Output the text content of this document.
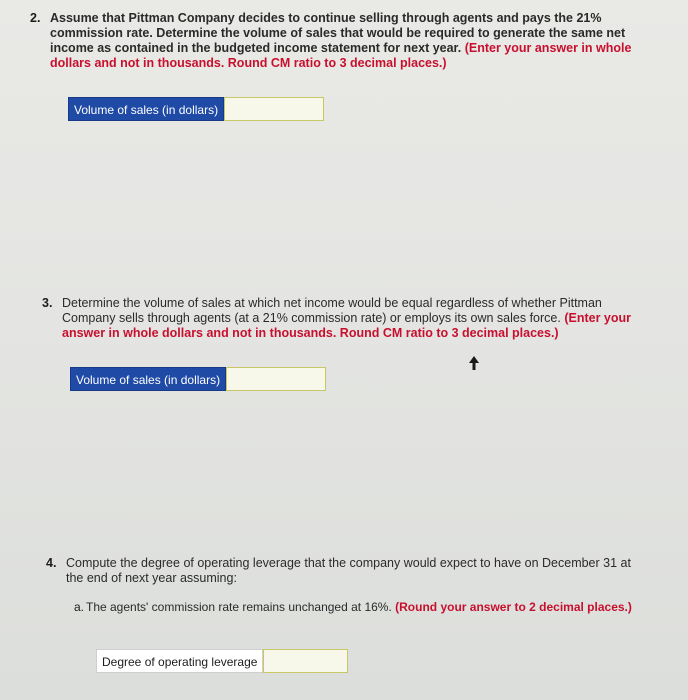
2. Assume that Pittman Company decides to continue selling through agents and pays the 21% commission rate. Determine the volume of sales that would be required to generate the same net income as contained in the budgeted income statement for next year. (Enter your answer in whole dollars and not in thousands. Round CM ratio to 3 decimal places.)
Volume of sales (in dollars)
3. Determine the volume of sales at which net income would be equal regardless of whether Pittman Company sells through agents (at a 21% commission rate) or employs its own sales force. (Enter your answer in whole dollars and not in thousands. Round CM ratio to 3 decimal places.)
Volume of sales (in dollars)
4. Compute the degree of operating leverage that the company would expect to have on December 31 at the end of next year assuming:
a. The agents' commission rate remains unchanged at 16%. (Round your answer to 2 decimal places.)
Degree of operating leverage
